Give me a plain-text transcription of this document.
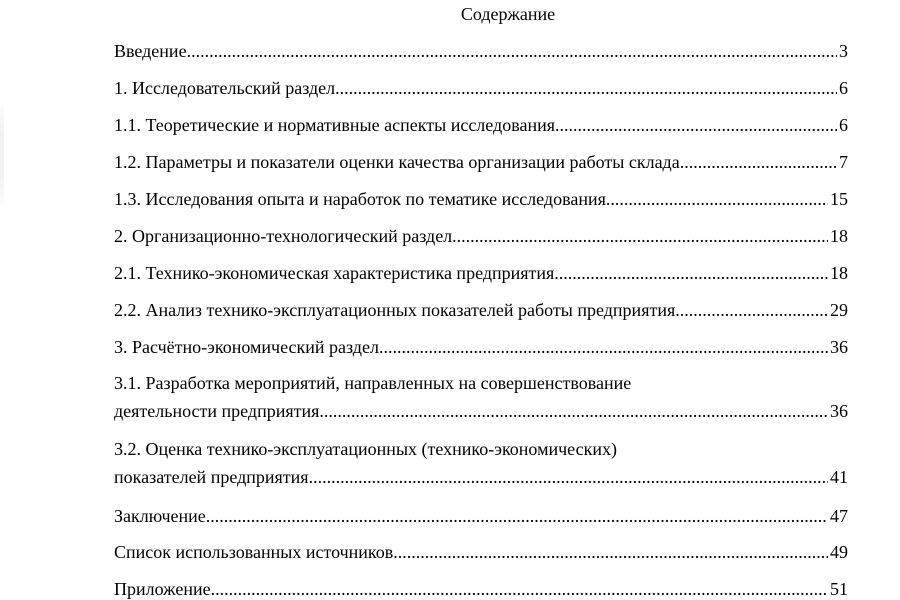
Содержание
Введение .....	3
1. Исследовательский раздел .....	6
1.1. Теоретические и нормативные аспекты исследования .....	6
1.2. Параметры и показатели оценки качества организации работы склада .....	7
1.3. Исследования опыта и наработок по тематике исследования .....	15
2. Организационно-технологический раздел .....	18
2.1. Технико-экономическая характеристика предприятия .....	18
2.2. Анализ технико-эксплуатационных показателей работы предприятия .....	29
3. Расчётно-экономический раздел .....	36
3.1. Разработка мероприятий, направленных на совершенствование
деятельности предприятия .....	36
3.2. Оценка технико-эксплуатационных (технико-экономических)
показателей предприятия .....	41
Заключение .....	47
Список использованных источников .....	49
Приложение .....	51
